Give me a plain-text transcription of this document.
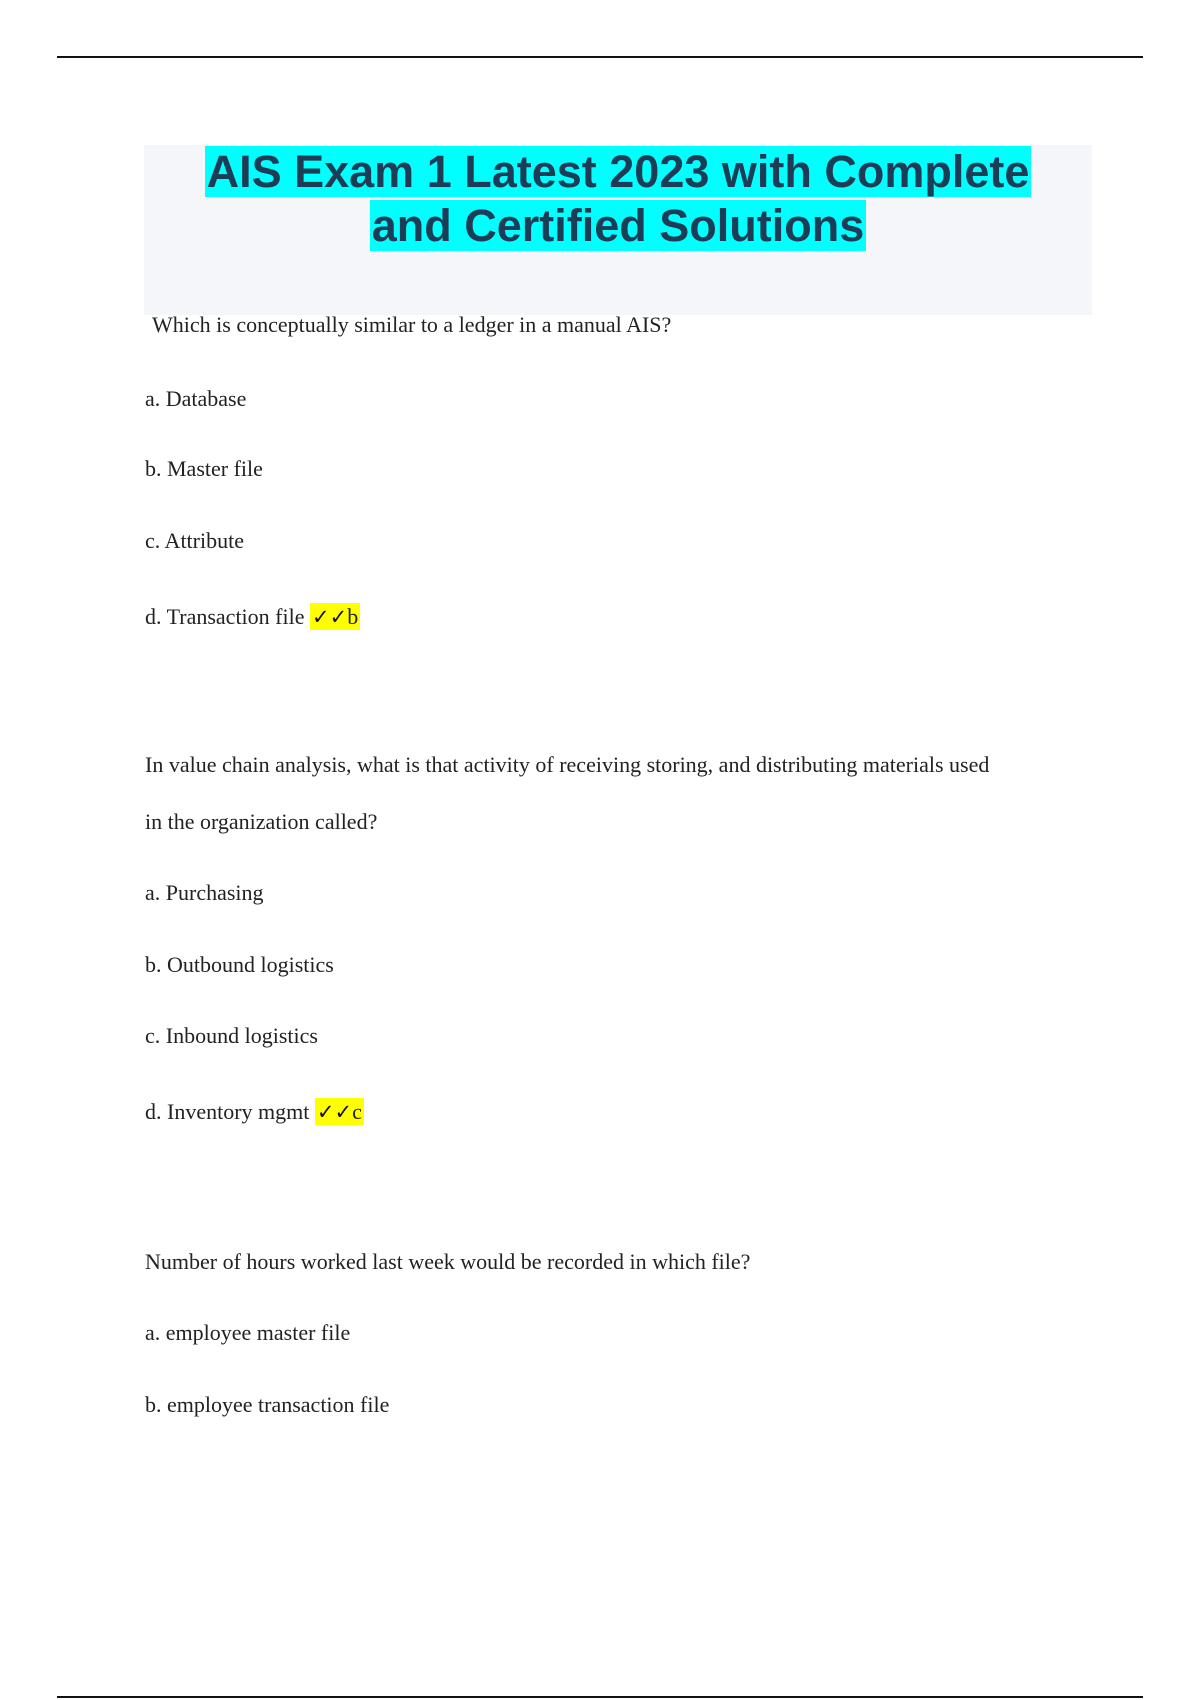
AIS Exam 1 Latest 2023 with Complete
and Certified Solutions
Which is conceptually similar to a ledger in a manual AIS?
a. Database
b. Master file
c. Attribute
d. Transaction file ✓✓b
In value chain analysis, what is that activity of receiving storing, and distributing materials used
in the organization called?
a. Purchasing
b. Outbound logistics
c. Inbound logistics
d. Inventory mgmt ✓✓c
Number of hours worked last week would be recorded in which file?
a. employee master file
b. employee transaction file
